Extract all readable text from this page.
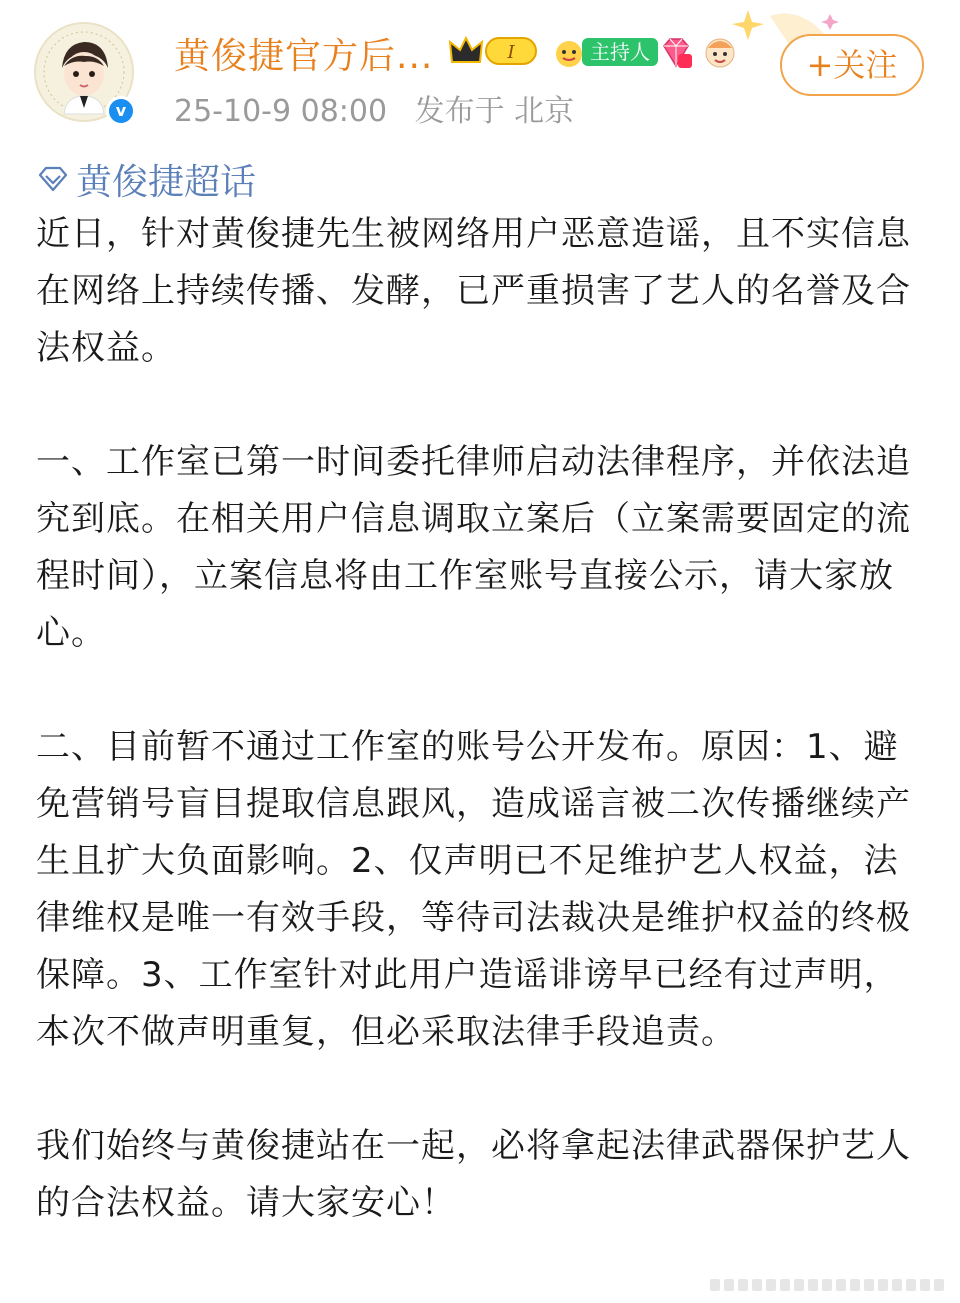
v
黄俊捷官方后...	I	主持人	+关注
25-10-9 08:00 发布于 北京
黄俊捷超话

近日，针对黄俊捷先生被网络用户恶意造谣，且不实信息在网络上持续传播、发酵，已严重损害了艺人的名誉及合法权益。

一、工作室已第一时间委托律师启动法律程序，并依法追究到底。在相关用户信息调取立案后（立案需要固定的流程时间），立案信息将由工作室账号直接公示，请大家放心。

二、目前暂不通过工作室的账号公开发布。原因：1、避免营销号盲目提取信息跟风，造成谣言被二次传播继续产生且扩大负面影响。2、仅声明已不足维护艺人权益，法律维权是唯一有效手段，等待司法裁决是维护权益的终极保障。3、工作室针对此用户造谣诽谤早已经有过声明，本次不做声明重复，但必采取法律手段追责。

我们始终与黄俊捷站在一起，必将拿起法律武器保护艺人的合法权益。请大家安心！
